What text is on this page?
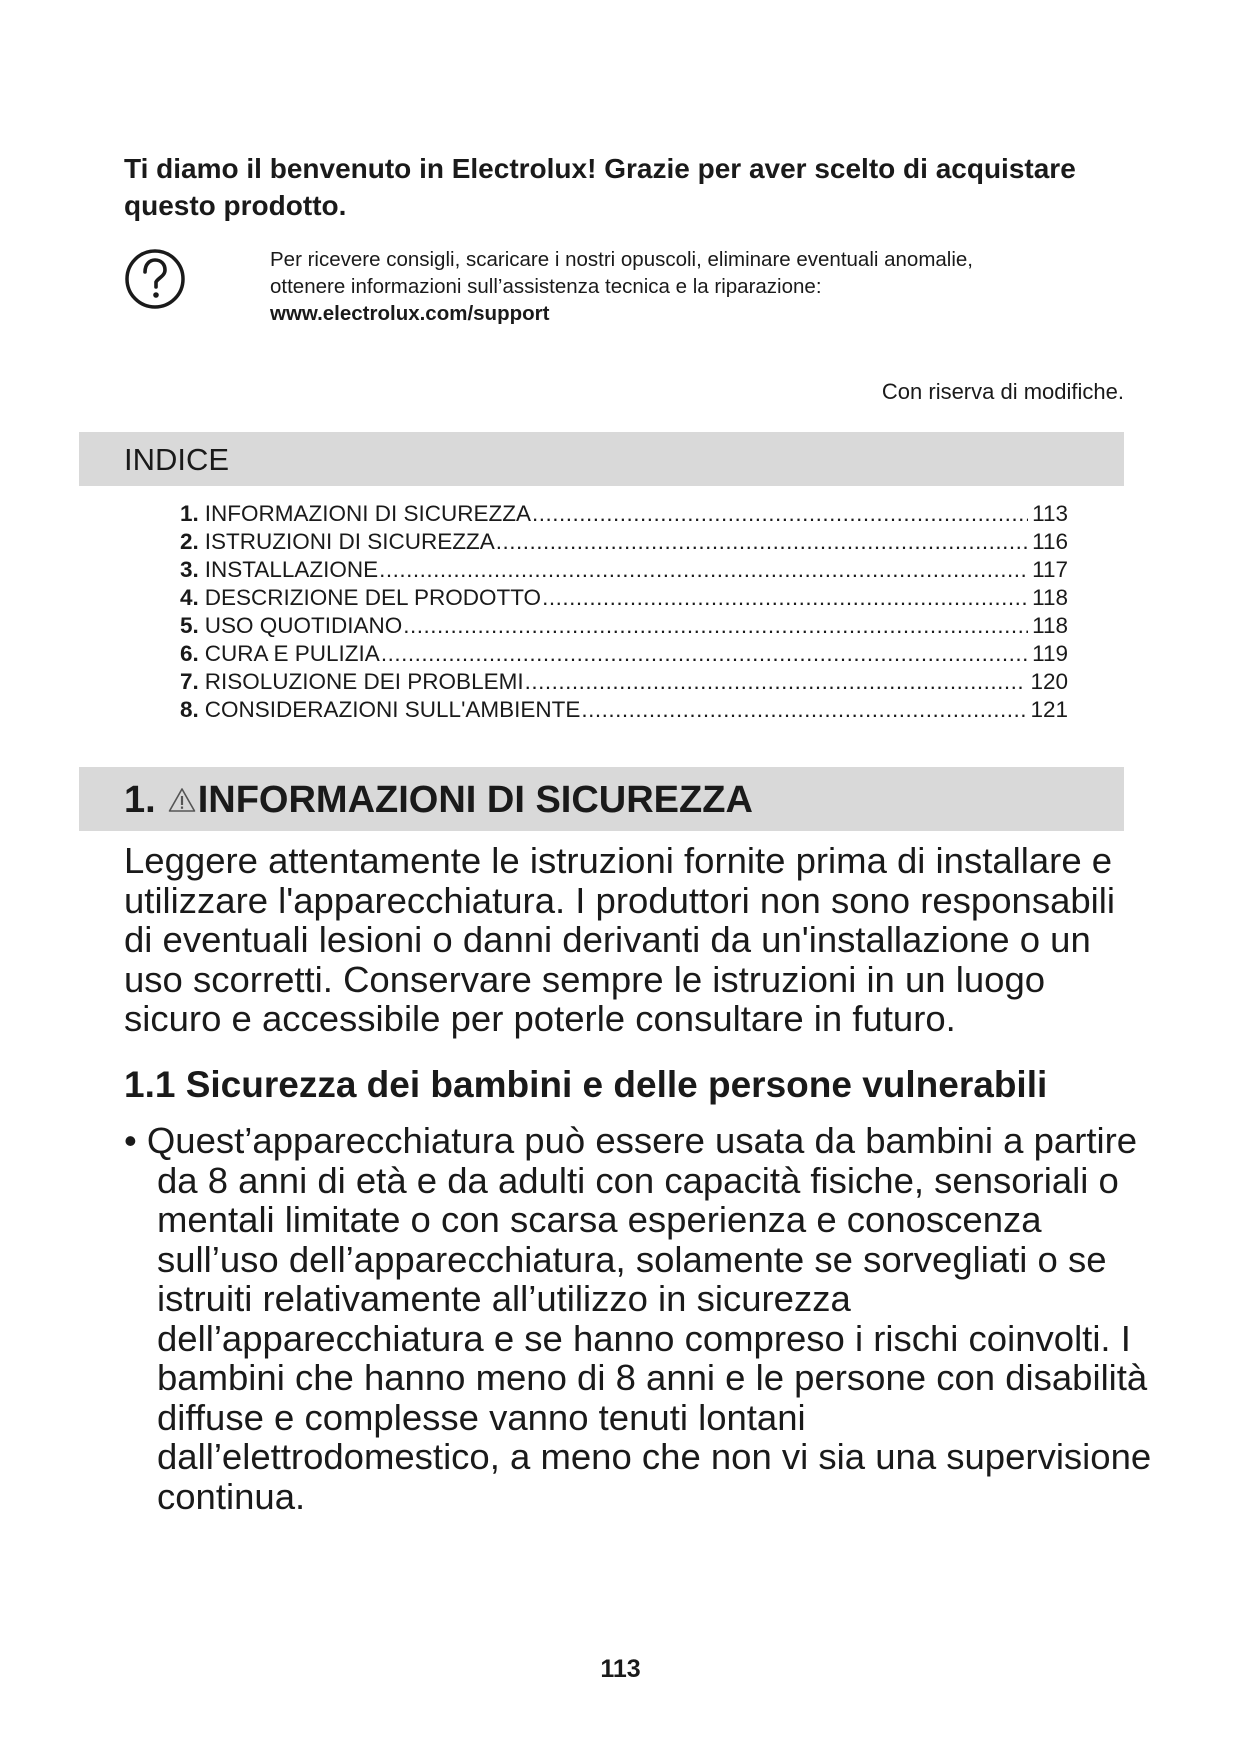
Ti diamo il benvenuto in Electrolux! Grazie per aver scelto di acquistare questo prodotto.
Per ricevere consigli, scaricare i nostri opuscoli, eliminare eventuali anomalie,
ottenere informazioni sull’assistenza tecnica e la riparazione:
www.electrolux.com/support
Con riserva di modifiche.
INDICE
1. INFORMAZIONI DI SICUREZZA .....	113
2. ISTRUZIONI DI SICUREZZA .....	116
3. INSTALLAZIONE .....	117
4. DESCRIZIONE DEL PRODOTTO .....	118
5. USO QUOTIDIANO .....	118
6. CURA E PULIZIA .....	119
7. RISOLUZIONE DEI PROBLEMI .....	120
8. CONSIDERAZIONI SULL'AMBIENTE .....	121
1. INFORMAZIONI DI SICUREZZA

Leggere attentamente le istruzioni fornite prima di installare e utilizzare l'apparecchiatura. I produttori non sono responsabili di eventuali lesioni o danni derivanti da un'installazione o un uso scorretti. Conservare sempre le istruzioni in un luogo sicuro e accessibile per poterle consultare in futuro.

1.1 Sicurezza dei bambini e delle persone vulnerabili

• Quest’apparecchiatura può essere usata da bambini a partire da 8 anni di età e da adulti con capacità fisiche, sensoriali o mentali limitate o con scarsa esperienza e conoscenza sull’uso dell’apparecchiatura, solamente se sorvegliati o se istruiti relativamente all’utilizzo in sicurezza dell’apparecchiatura e se hanno compreso i rischi coinvolti. I bambini che hanno meno di 8 anni e le persone con disabilità diffuse e complesse vanno tenuti lontani dall’elettrodomestico, a meno che non vi sia una supervisione continua.

113
